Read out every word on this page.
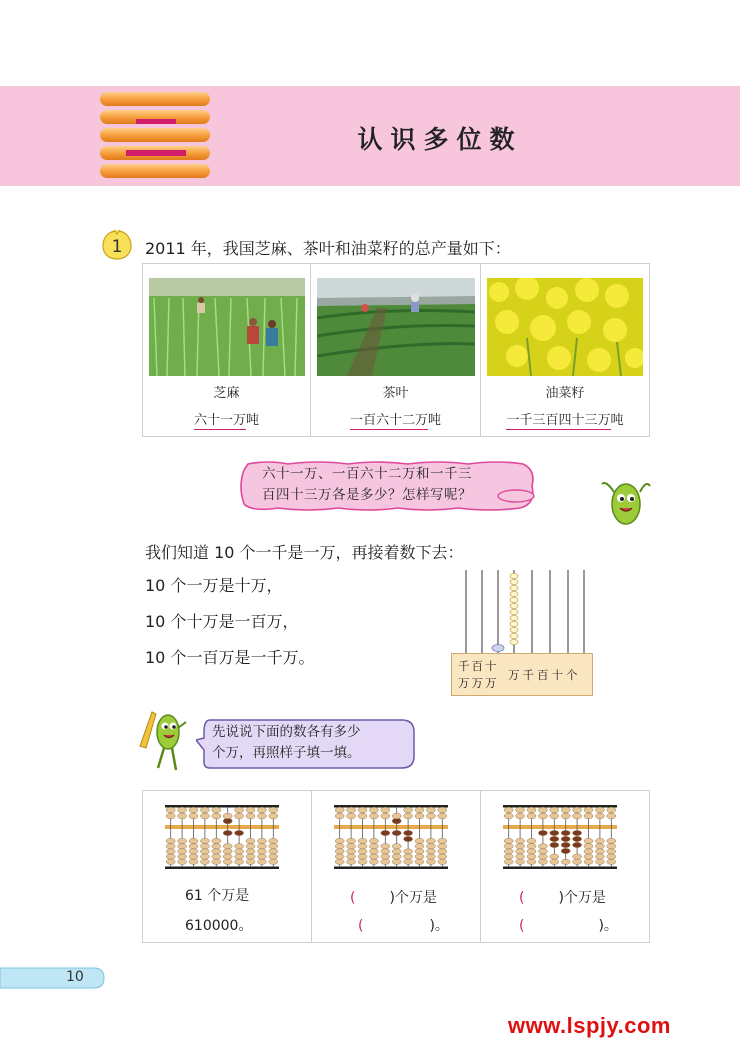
认识多位数
1 2011 年，我国芝麻、茶叶和油菜籽的总产量如下：
芝麻
六十一万吨
茶叶
一百六十二万吨
油菜籽
一千三百四十三万吨
六十一万、一百六十二万和一千三
百四十三万各是多少？怎样写呢？
我们知道 10 个一千是一万，再接着数下去：
10 个一万是十万，
10 个十万是一百万，
10 个一百万是一千万。	千百十
万万万
万千百十个
先说说下面的数各有多少
个万，再照样子填一填。
61 个万是
610000。
( )个万是
(	)。
( )个万是
(	)。
10
www.lspjy.com
